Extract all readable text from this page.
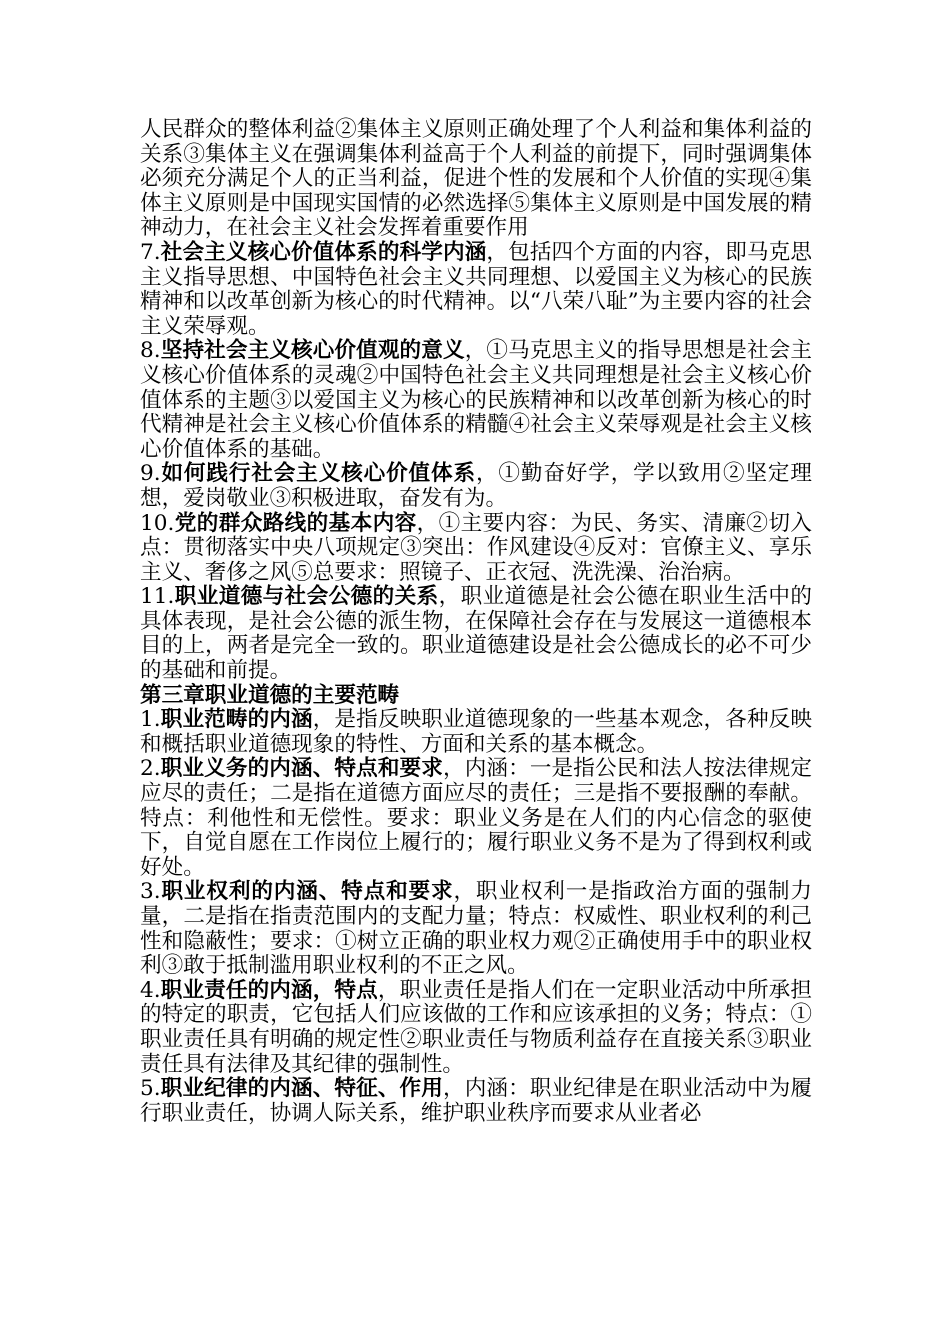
人民群众的整体利益②集体主义原则正确处理了个人利益和集体利益的关系③集体主义在强调集体利益高于个人利益的前提下，同时强调集体必须充分满足个人的正当利益，促进个性的发展和个人价值的实现④集体主义原则是中国现实国情的必然选择⑤集体主义原则是中国发展的精神动力，在社会主义社会发挥着重要作用

7.社会主义核心价值体系的科学内涵，包括四个方面的内容，即马克思主义指导思想、中国特色社会主义共同理想、以爱国主义为核心的民族精神和以改革创新为核心的时代精神。以“八荣八耻”为主要内容的社会主义荣辱观。

8.坚持社会主义核心价值观的意义，①马克思主义的指导思想是社会主义核心价值体系的灵魂②中国特色社会主义共同理想是社会主义核心价值体系的主题③以爱国主义为核心的民族精神和以改革创新为核心的时代精神是社会主义核心价值体系的精髓④社会主义荣辱观是社会主义核心价值体系的基础。

9.如何践行社会主义核心价值体系，①勤奋好学，学以致用②坚定理想，爱岗敬业③积极进取，奋发有为。

10.党的群众路线的基本内容，①主要内容：为民、务实、清廉②切入点：贯彻落实中央八项规定③突出：作风建设④反对：官僚主义、享乐主义、奢侈之风⑤总要求：照镜子、正衣冠、洗洗澡、治治病。

11.职业道德与社会公德的关系，职业道德是社会公德在职业生活中的具体表现，是社会公德的派生物，在保障社会存在与发展这一道德根本目的上，两者是完全一致的。职业道德建设是社会公德成长的必不可少的基础和前提。

第三章职业道德的主要范畴

1.职业范畴的内涵，是指反映职业道德现象的一些基本观念，各种反映和概括职业道德现象的特性、方面和关系的基本概念。

2.职业义务的内涵、特点和要求，内涵：一是指公民和法人按法律规定应尽的责任；二是指在道德方面应尽的责任；三是指不要报酬的奉献。特点：利他性和无偿性。要求：职业义务是在人们的内心信念的驱使下，自觉自愿在工作岗位上履行的；履行职业义务不是为了得到权利或好处。

3.职业权利的内涵、特点和要求，职业权利一是指政治方面的强制力量，二是指在指责范围内的支配力量；特点：权威性、职业权利的利己性和隐蔽性；要求：①树立正确的职业权力观②正确使用手中的职业权利③敢于抵制滥用职业权利的不正之风。

4.职业责任的内涵，特点，职业责任是指人们在一定职业活动中所承担的特定的职责，它包括人们应该做的工作和应该承担的义务；特点：①职业责任具有明确的规定性②职业责任与物质利益存在直接关系③职业责任具有法律及其纪律的强制性。

5.职业纪律的内涵、特征、作用，内涵：职业纪律是在职业活动中为履行职业责任，协调人际关系，维护职业秩序而要求从业者必
